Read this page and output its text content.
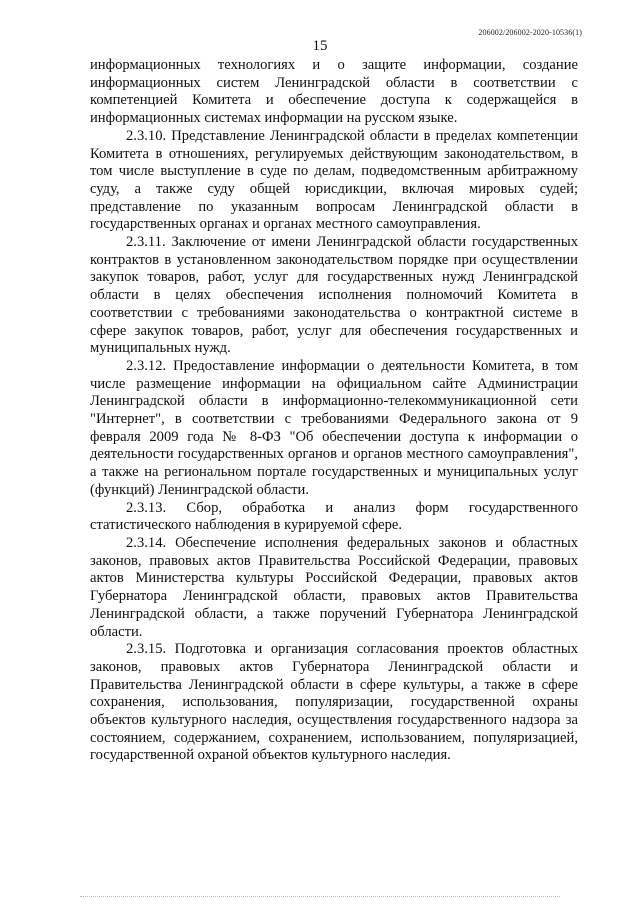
206002/206002-2020-10536(1)
15

информационных технологиях и о защите информации, создание информационных систем Ленинградской области в соответствии с компетенцией Комитета и обеспечение доступа к содержащейся в информационных системах информации на русском языке.

2.3.10. Представление Ленинградской области в пределах компетенции Комитета в отношениях, регулируемых действующим законодательством, в том числе выступление в суде по делам, подведомственным арбитражному суду, а также суду общей юрисдикции, включая мировых судей; представление по указанным вопросам Ленинградской области в государственных органах и органах местного самоуправления.

2.3.11. Заключение от имени Ленинградской области государственных контрактов в установленном законодательством порядке при осуществлении закупок товаров, работ, услуг для государственных нужд Ленинградской области в целях обеспечения исполнения полномочий Комитета в соответствии с требованиями законодательства о контрактной системе в сфере закупок товаров, работ, услуг для обеспечения государственных и муниципальных нужд.

2.3.12. Предоставление информации о деятельности Комитета, в том числе размещение информации на официальном сайте Администрации Ленинградской области в информационно-телекоммуникационной сети "Интернет", в соответствии с требованиями Федерального закона от 9 февраля 2009 года № 8-ФЗ "Об обеспечении доступа к информации о деятельности государственных органов и органов местного самоуправления", а также на региональном портале государственных и муниципальных услуг (функций) Ленинградской области.

2.3.13. Сбор, обработка и анализ форм государственного статистического наблюдения в курируемой сфере.

2.3.14. Обеспечение исполнения федеральных законов и областных законов, правовых актов Правительства Российской Федерации, правовых актов Министерства культуры Российской Федерации, правовых актов Губернатора Ленинградской области, правовых актов Правительства Ленинградской области, а также поручений Губернатора Ленинградской области.

2.3.15. Подготовка и организация согласования проектов областных законов, правовых актов Губернатора Ленинградской области и Правительства Ленинградской области в сфере культуры, а также в сфере сохранения, использования, популяризации, государственной охраны объектов культурного наследия, осуществления государственного надзора за состоянием, содержанием, сохранением, использованием, популяризацией, государственной охраной объектов культурного наследия.
